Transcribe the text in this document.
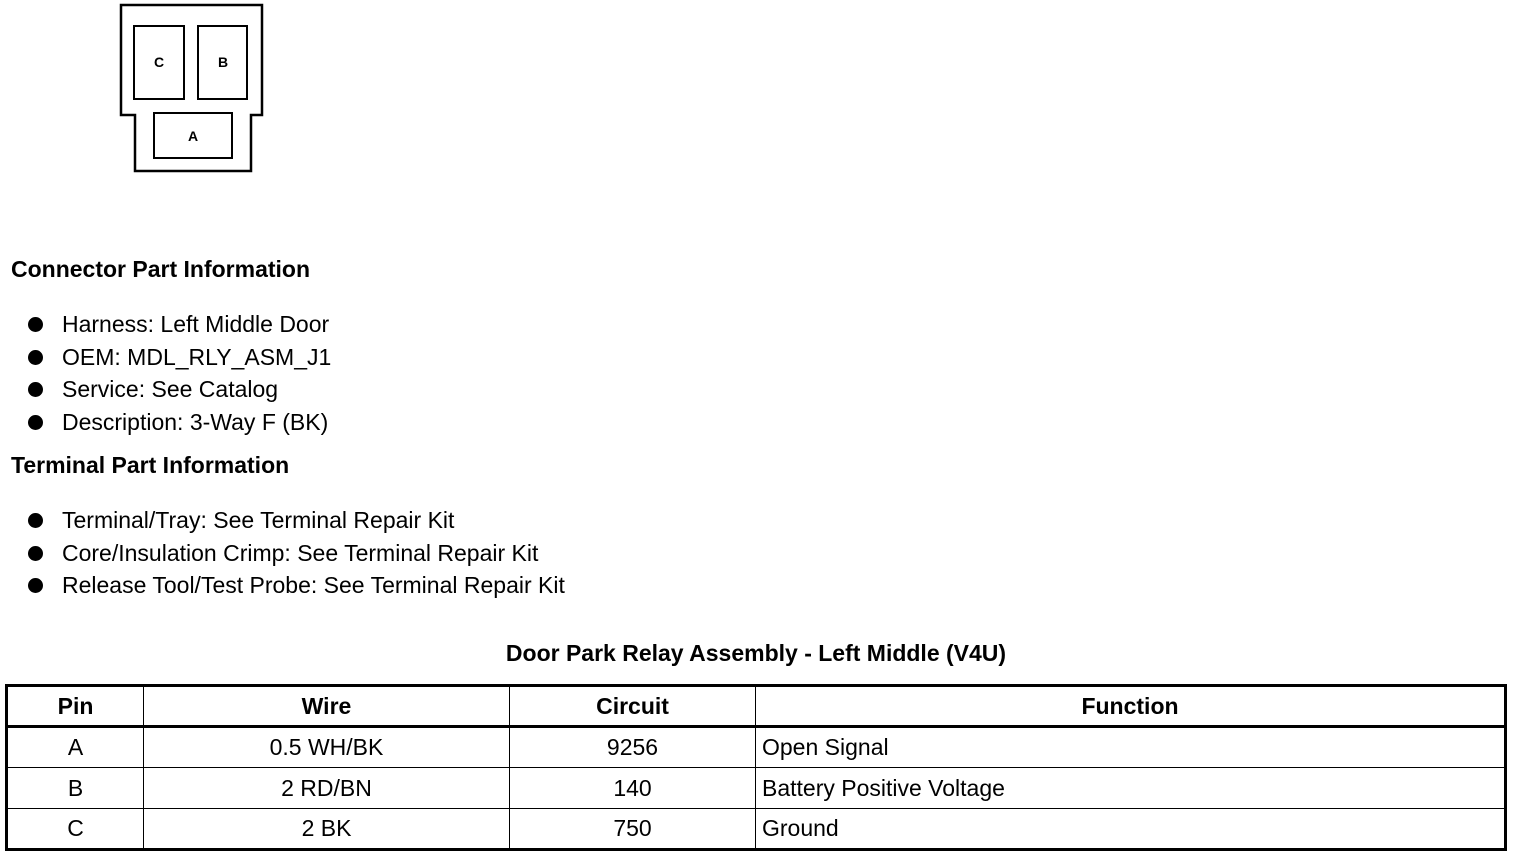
C	B
A
Connector Part Information
Harness: Left Middle Door
OEM: MDL_RLY_ASM_J1
Service: See Catalog
Description: 3-Way F (BK)
Terminal Part Information
Terminal/Tray: See Terminal Repair Kit
Core/Insulation Crimp: See Terminal Repair Kit
Release Tool/Test Probe: See Terminal Repair Kit
Door Park Relay Assembly - Left Middle (V4U)
Pin	Wire	Circuit	Function
A	0.5 WH/BK	9256	Open Signal
B	2 RD/BN	140	Battery Positive Voltage
C	2 BK	750	Ground
